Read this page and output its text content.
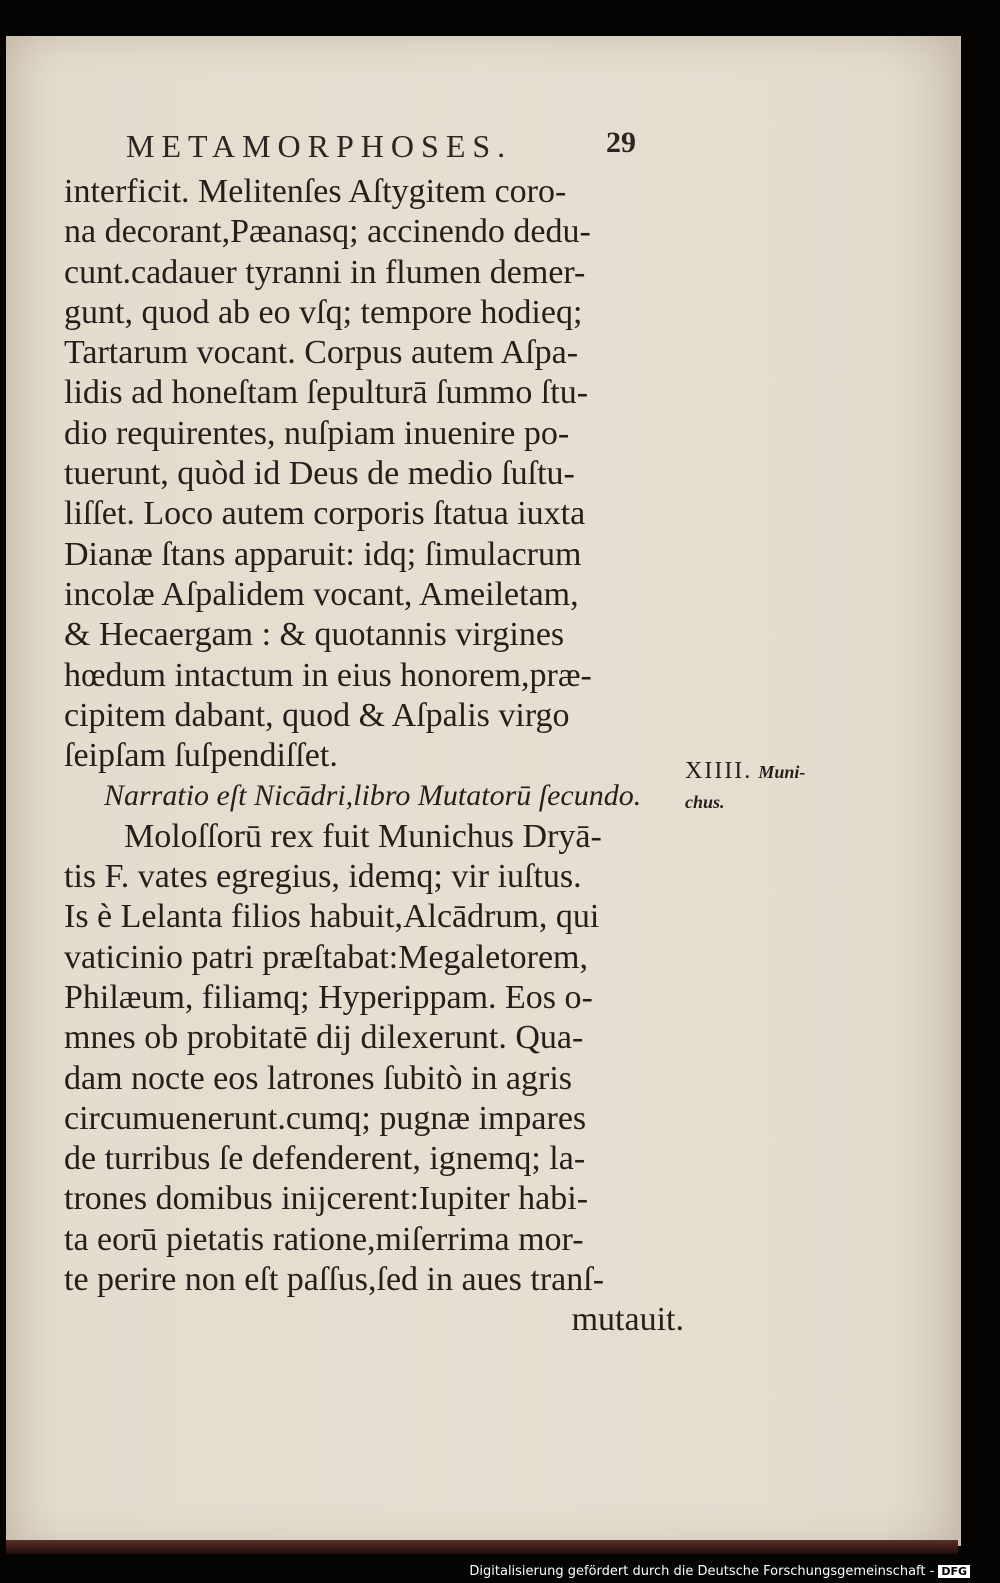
METAMORPHOSES.	29
interficit. Melitenſes Aſtygitem coro-
na decorant,Pæanasq; accinendo dedu-
cunt.cadauer tyranni in flumen demer-
gunt, quod ab eo vſq; tempore hodieq;
Tartarum vocant. Corpus autem Aſpa-
lidis ad honeſtam ſepulturā ſummo ſtu-
dio requirentes, nuſpiam inuenire po-
tuerunt, quòd id Deus de medio ſuſtu-
liſſet. Loco autem corporis ſtatua iuxta
Dianæ ſtans apparuit: idq; ſimulacrum
incolæ Aſpalidem vocant, Ameiletam,
& Hecaergam : & quotannis virgines
hœdum intactum in eius honorem,præ-
cipitem dabant, quod & Aſpalis virgo
ſeipſam ſuſpendiſſet.
Narratio eſt Nicādri,libro Mutatorū ſecundo.
Moloſſorū rex fuit Munichus Dryā-
tis F. vates egregius, idemq; vir iuſtus.
Is è Lelanta filios habuit,Alcādrum, qui
vaticinio patri præſtabat:Megaletorem,
Philæum, filiamq; Hyperippam. Eos o-
mnes ob probitatē dij dilexerunt. Qua-
dam nocte eos latrones ſubitò in agris
circumuenerunt.cumq; pugnæ impares
de turribus ſe defenderent, ignemq; la-
trones domibus inijcerent:Iupiter habi-
ta eorū pietatis ratione,miſerrima mor-
te perire non eſt paſſus,ſed in aues tranſ-
mutauit.
XIIII. Muni-
chus.
Digitalisierung gefördert durch die Deutsche Forschungsgemeinschaft - DFG
